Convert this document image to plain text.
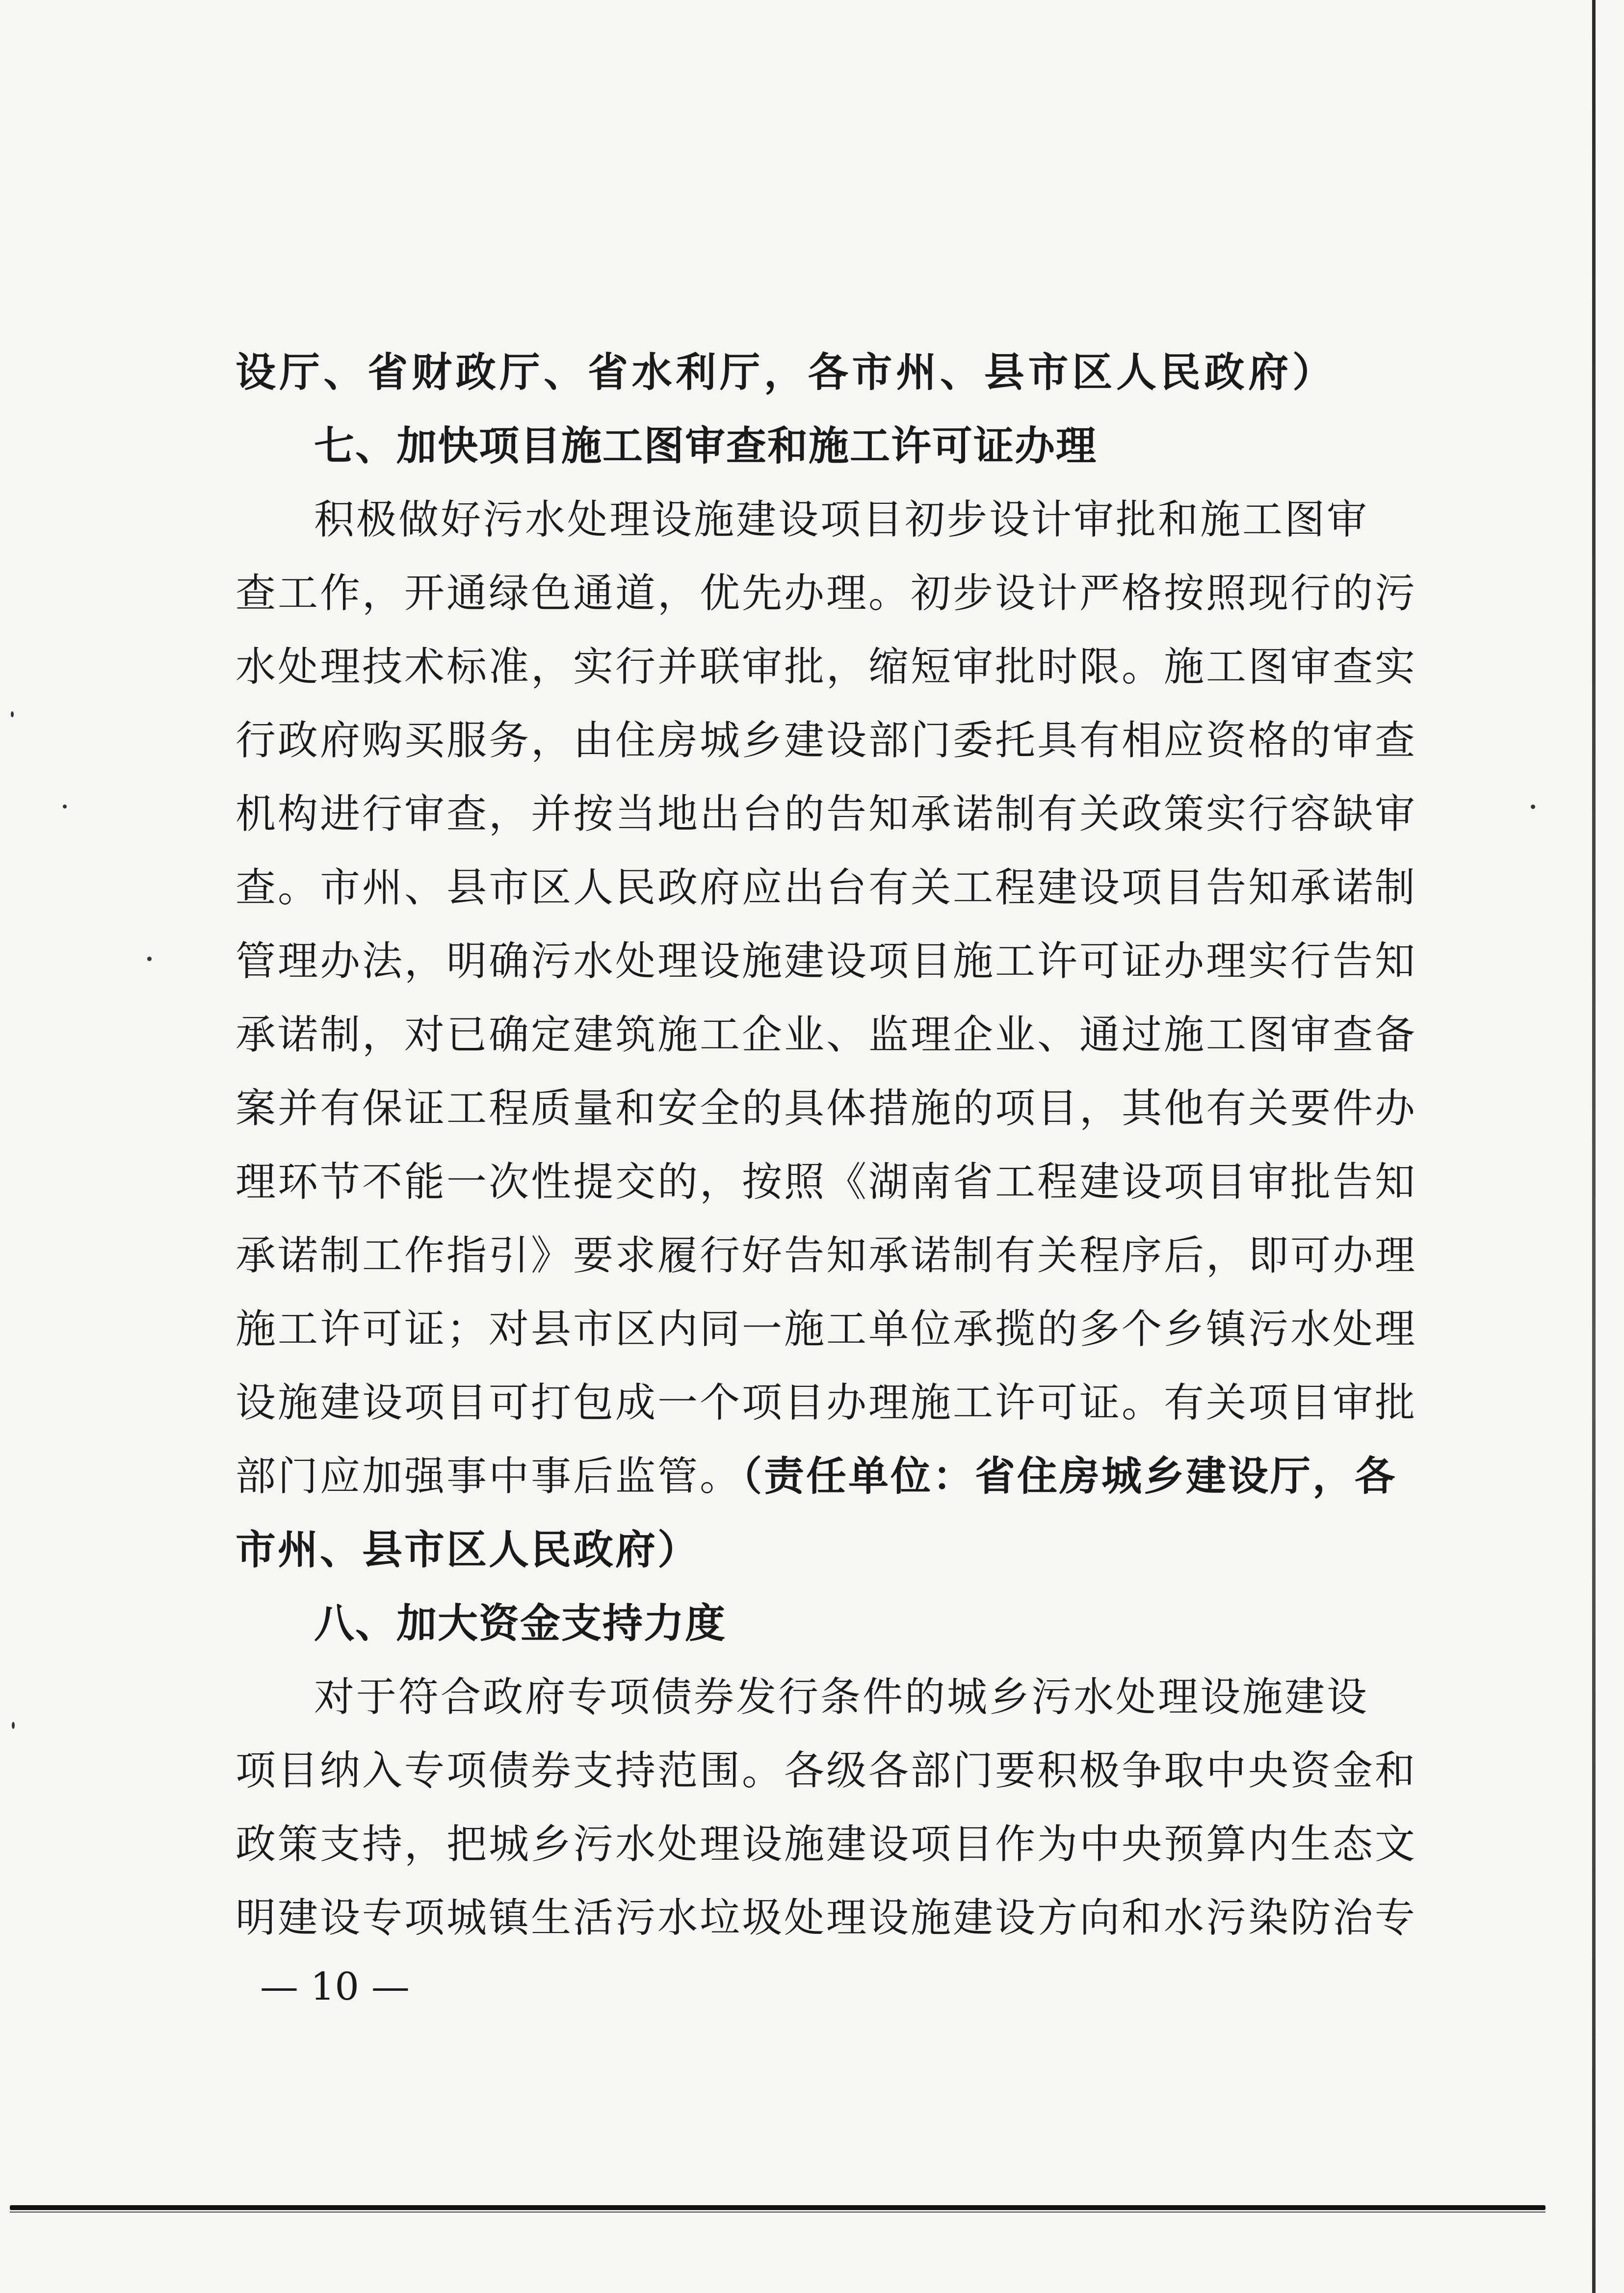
设厅、省财政厅、省水利厅，各市州、县市区人民政府）
七、加快项目施工图审查和施工许可证办理
积极做好污水处理设施建设项目初步设计审批和施工图审
查工作，开通绿色通道，优先办理。初步设计严格按照现行的污
水处理技术标准，实行并联审批，缩短审批时限。施工图审查实
行政府购买服务，由住房城乡建设部门委托具有相应资格的审查
机构进行审查，并按当地出台的告知承诺制有关政策实行容缺审
查。市州、县市区人民政府应出台有关工程建设项目告知承诺制
管理办法，明确污水处理设施建设项目施工许可证办理实行告知
承诺制，对已确定建筑施工企业、监理企业、通过施工图审查备
案并有保证工程质量和安全的具体措施的项目，其他有关要件办
理环节不能一次性提交的，按照《湖南省工程建设项目审批告知
承诺制工作指引》要求履行好告知承诺制有关程序后，即可办理
施工许可证；对县市区内同一施工单位承揽的多个乡镇污水处理
设施建设项目可打包成一个项目办理施工许可证。有关项目审批
部门应加强事中事后监管。（责任单位：省住房城乡建设厅，各
市州、县市区人民政府）
八、加大资金支持力度
对于符合政府专项债券发行条件的城乡污水处理设施建设
项目纳入专项债券支持范围。各级各部门要积极争取中央资金和
政策支持，把城乡污水处理设施建设项目作为中央预算内生态文
明建设专项城镇生活污水垃圾处理设施建设方向和水污染防治专
— 10 —
